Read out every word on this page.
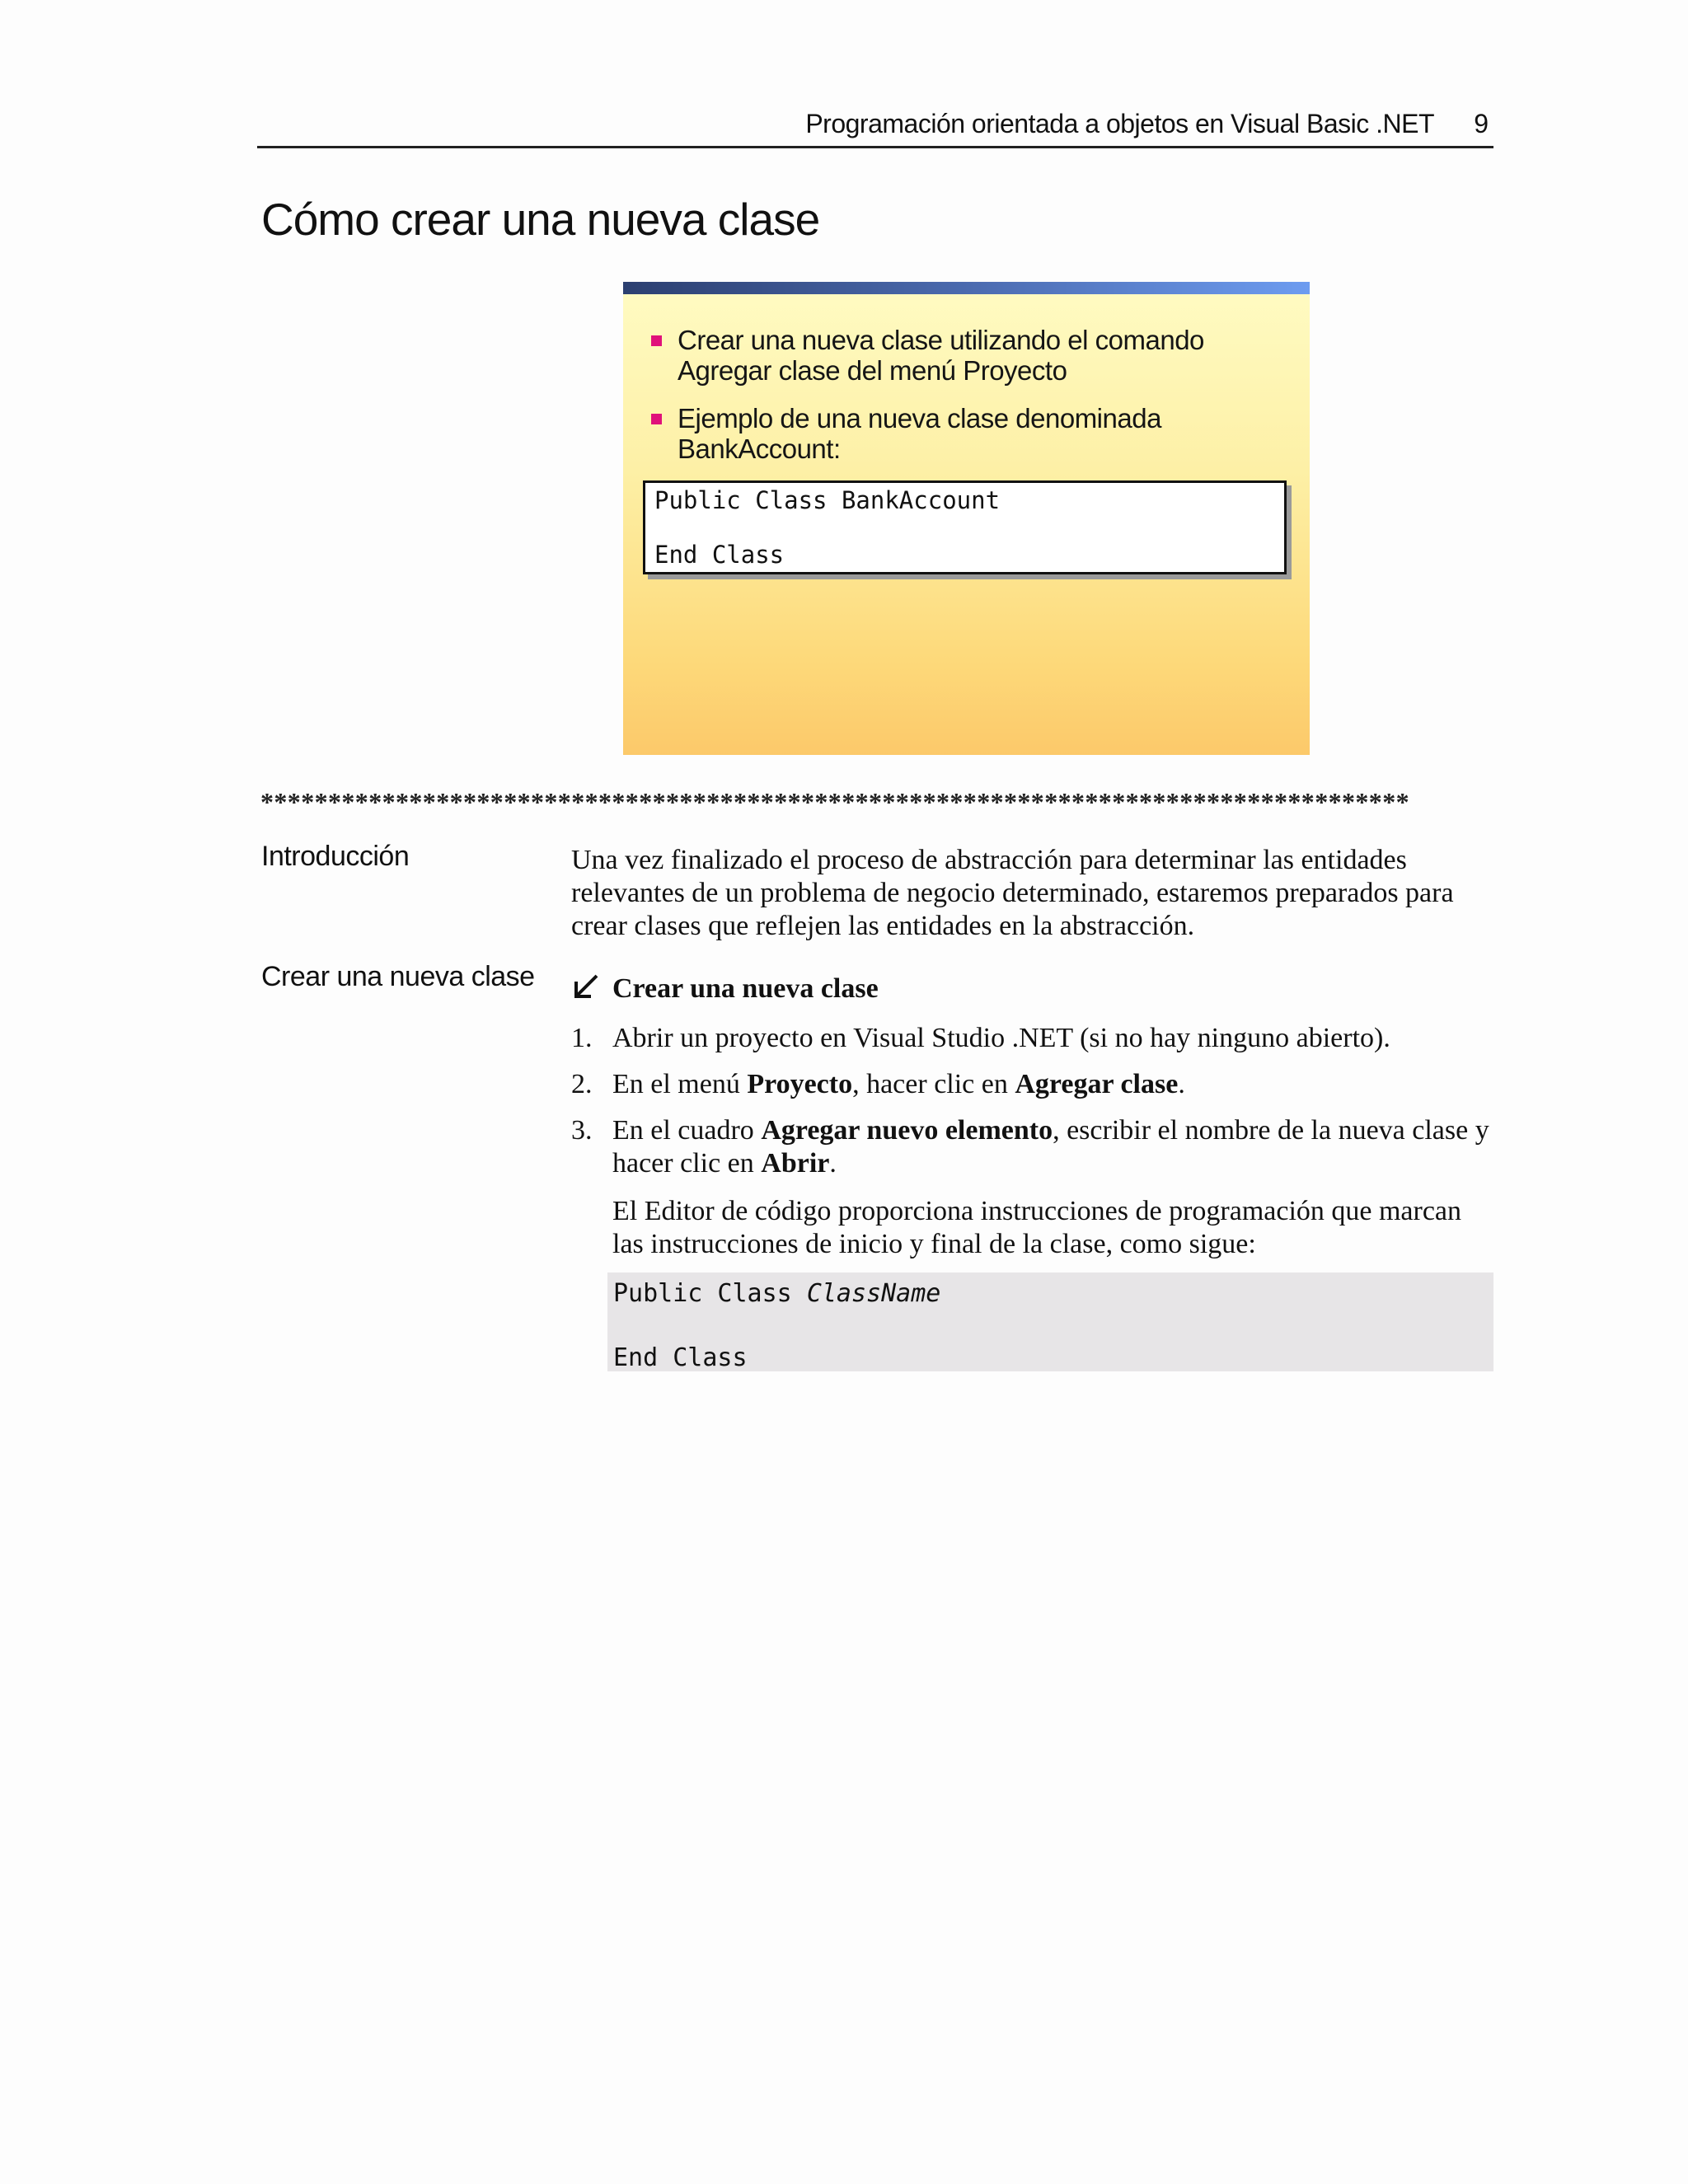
Programación orientada a objetos en Visual Basic .NET 9
Cómo crear una nueva clase
Crear una nueva clase utilizando el comando Agregar clase del menú Proyecto
Ejemplo de una nueva clase denominada BankAccount:
Public Class BankAccount
End Class
*************************************************************************************
Introducción	Una vez finalizado el proceso de abstracción para determinar las entidades relevantes de un problema de negocio determinado, estaremos preparados para crear clases que reflejen las entidades en la abstracción.

Crear una nueva clase	Crear una nueva clase
1. Abrir un proyecto en Visual Studio .NET (si no hay ninguno abierto).
2. En el menú Proyecto, hacer clic en Agregar clase.
3. En el cuadro Agregar nuevo elemento, escribir el nombre de la nueva clase y hacer clic en Abrir.

El Editor de código proporciona instrucciones de programación que marcan las instrucciones de inicio y final de la clase, como sigue:

Public Class ClassName
End Class
